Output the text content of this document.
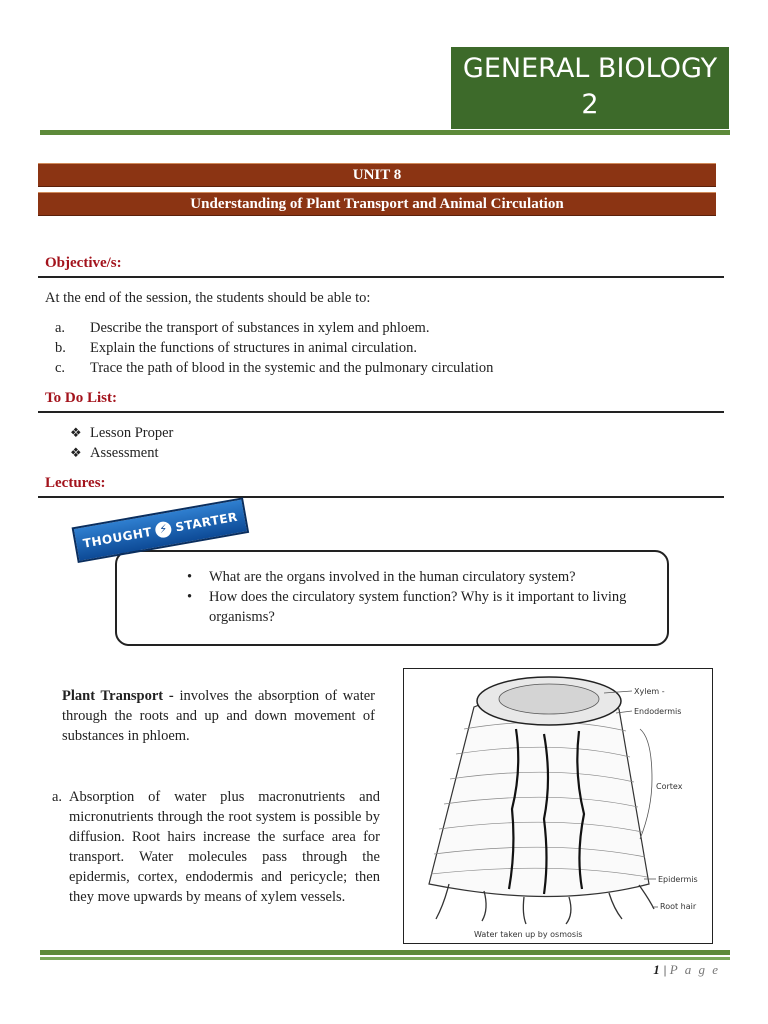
GENERAL BIOLOGY 2
UNIT 8
Understanding of Plant Transport and Animal Circulation
Objective/s:
At the end of the session, the students should be able to:
a.	Describe the transport of substances in xylem and phloem.
b.	Explain the functions of structures in animal circulation.
c.	Trace the path of blood in the systemic and the pulmonary circulation
To Do List:
❖ Lesson Proper
❖ Assessment
Lectures:
THOUGHT ⚡ STARTER
•	What are the organs involved in the human circulatory system?
•	How does the circulatory system function? Why is it important to living organisms?
Plant Transport - involves the absorption of water through the roots and up and down movement of substances in phloem.
a. Absorption of water plus macronutrients and micronutrients through the root system is possible by diffusion. Root hairs increase the surface area for transport. Water molecules pass through the epidermis, cortex, endodermis and pericycle; then they move upwards by means of xylem vessels.
Xylem -
Endodermis
Cortex
Epidermis
Root hair
Water taken up by osmosis
1 | P a g e
